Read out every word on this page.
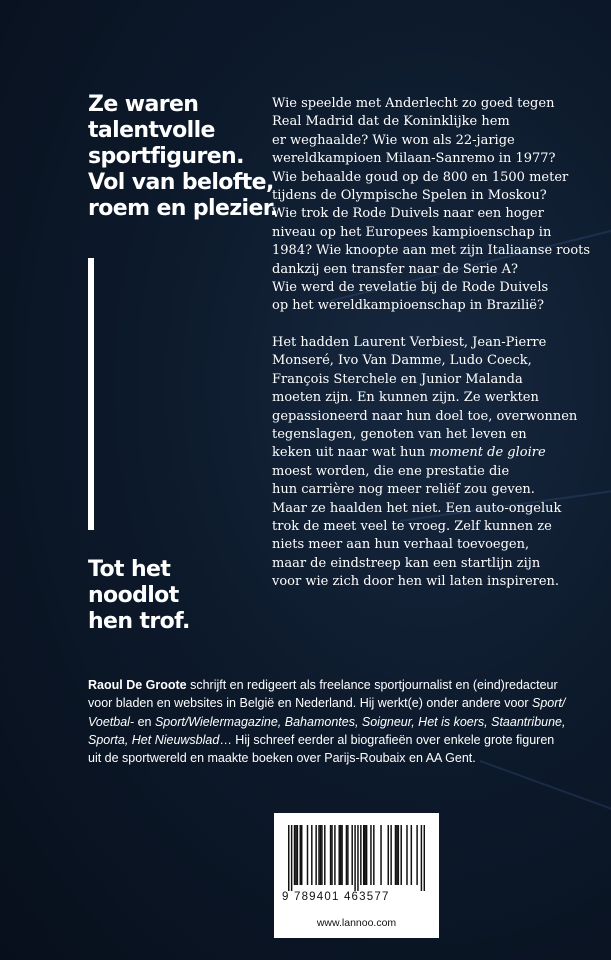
Ze waren
talentvolle
sportfiguren.
Vol van belofte,
roem en plezier.
Tot het
noodlot
hen trof.
Wie speelde met Anderlecht zo goed tegen
Real Madrid dat de Koninklijke hem
er weghaalde? Wie won als 22-jarige
wereldkampioen Milaan-Sanremo in 1977?
Wie behaalde goud op de 800 en 1500 meter
tijdens de Olympische Spelen in Moskou?
Wie trok de Rode Duivels naar een hoger
niveau op het Europees kampioenschap in
1984? Wie knoopte aan met zijn Italiaanse roots
dankzij een transfer naar de Serie A?
Wie werd de revelatie bij de Rode Duivels
op het wereldkampioenschap in Brazilië?
Het hadden Laurent Verbiest, Jean-Pierre
Monseré, Ivo Van Damme, Ludo Coeck,
François Sterchele en Junior Malanda
moeten zijn. En kunnen zijn. Ze werkten
gepassioneerd naar hun doel toe, overwonnen
tegenslagen, genoten van het leven en
keken uit naar wat hun moment de gloire
moest worden, die ene prestatie die
hun carrière nog meer reliëf zou geven.
Maar ze haalden het niet. Een auto-ongeluk
trok de meet veel te vroeg. Zelf kunnen ze
niets meer aan hun verhaal toevoegen,
maar de eindstreep kan een startlijn zijn
voor wie zich door hen wil laten inspireren.
Raoul De Groote schrijft en redigeert als freelance sportjournalist en (eind)redacteur
voor bladen en websites in België en Nederland. Hij werkt(e) onder andere voor Sport/
Voetbal- en Sport/Wielermagazine, Bahamontes, Soigneur, Het is koers, Staantribune,
Sporta, Het Nieuwsblad… Hij schreef eerder al biografieën over enkele grote figuren
uit de sportwereld en maakte boeken over Parijs-Roubaix en AA Gent.
9 789401 463577
www.lannoo.com
